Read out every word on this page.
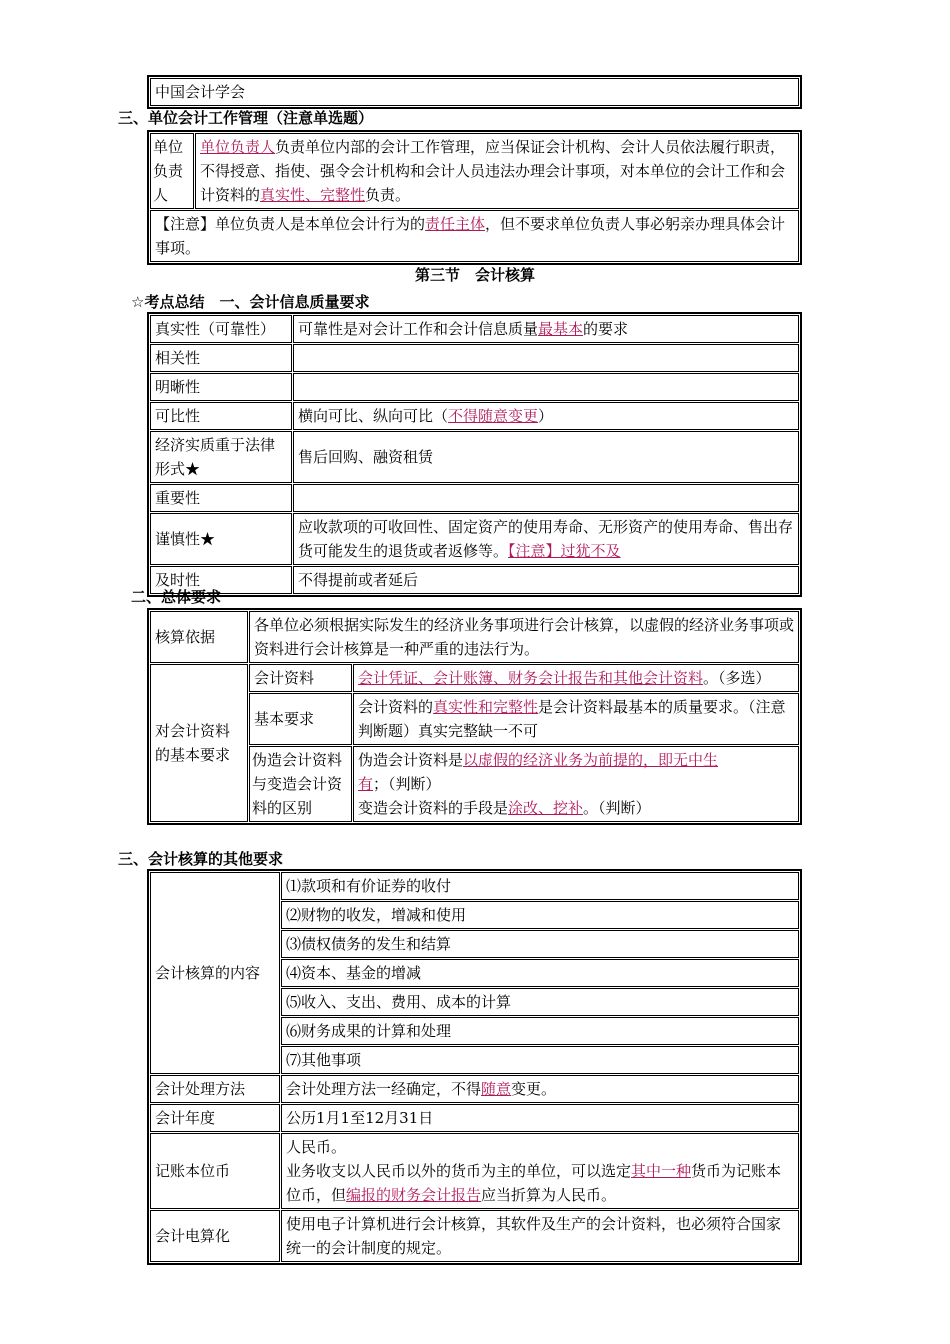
中国会计学会
三、单位会计工作管理（注意单选题）
单位负责人	单位负责人负责单位内部的会计工作管理，应当保证会计机构、会计人员依法履行职责，不得授意、指使、强令会计机构和会计人员违法办理会计事项，对本单位的会计工作和会计资料的真实性、完整性负责。
【注意】单位负责人是本单位会计行为的责任主体，但不要求单位负责人事必躬亲办理具体会计事项。
第三节　会计核算
☆考点总结　一、会计信息质量要求
真实性（可靠性）	可靠性是对会计工作和会计信息质量最基本的要求
相关性	
明晰性	
可比性	横向可比、纵向可比（不得随意变更）
经济实质重于法律形式★	售后回购、融资租赁
重要性	
谨慎性★	应收款项的可收回性、固定资产的使用寿命、无形资产的使用寿命、售出存货可能发生的退货或者返修等。【注意】过犹不及
及时性	不得提前或者延后
二、总体要求
核算依据	各单位必须根据实际发生的经济业务事项进行会计核算，以虚假的经济业务事项或资料进行会计核算是一种严重的违法行为。	
对会计资料的基本要求	会计资料	会计凭证、会计账簿、财务会计报告和其他会计资料。（多选）
	基本要求	会计资料的真实性和完整性是会计资料最基本的质量要求。（注意判断题）真实完整缺一不可
	伪造会计资料与变造会计资料的区别	伪造会计资料是以虚假的经济业务为前提的，即无中生有；（判断）
变造会计资料的手段是涂改、挖补。（判断）
三、会计核算的其他要求
会计核算的内容	⑴款项和有价证券的收付
	⑵财物的收发，增减和使用
	⑶债权债务的发生和结算
	⑷资本、基金的增减
	⑸收入、支出、费用、成本的计算
	⑹财务成果的计算和处理
	⑺其他事项
会计处理方法	会计处理方法一经确定，不得随意变更。
会计年度	公历1月1至12月31日
记账本位币	人民币。
业务收支以人民币以外的货币为主的单位，可以选定其中一种货币为记账本位币，但编报的财务会计报告应当折算为人民币。

会计电算化	使用电子计算机进行会计核算，其软件及生产的会计资料，也必须符合国家统一的会计制度的规定。
